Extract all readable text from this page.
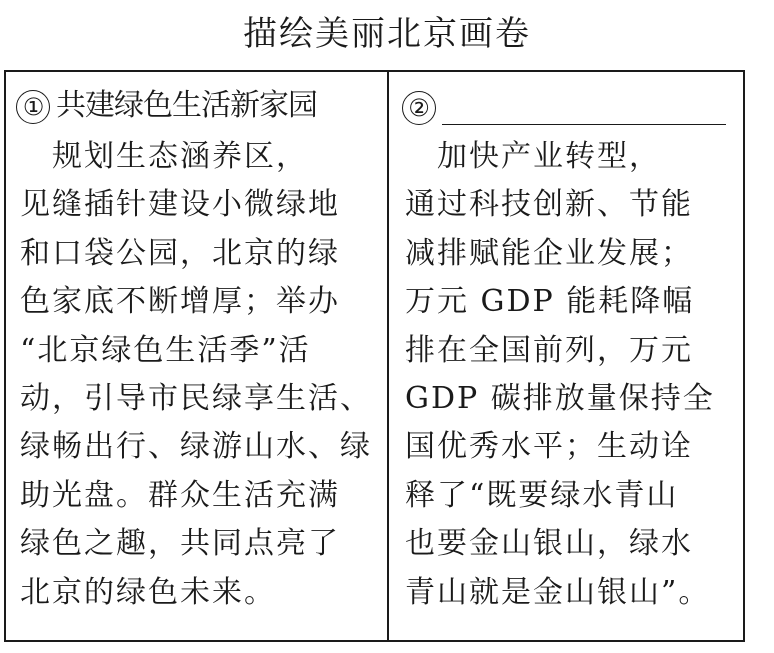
描绘美丽北京画卷
① 共建绿色生活新家园	②

　规划生态涵养区，
见缝插针建设小微绿地
和口袋公园，北京的绿
色家底不断增厚；举办
“北京绿色生活季”活
动，引导市民绿享生活、
绿畅出行、绿游山水、绿
助光盘。群众生活充满
绿色之趣，共同点亮了
北京的绿色未来。

　加快产业转型，
通过科技创新、节能
减排赋能企业发展；
万元 GDP 能耗降幅
排在全国前列，万元
GDP 碳排放量保持全
国优秀水平；生动诠
释了“既要绿水青山
也要金山银山，绿水
青山就是金山银山”。
